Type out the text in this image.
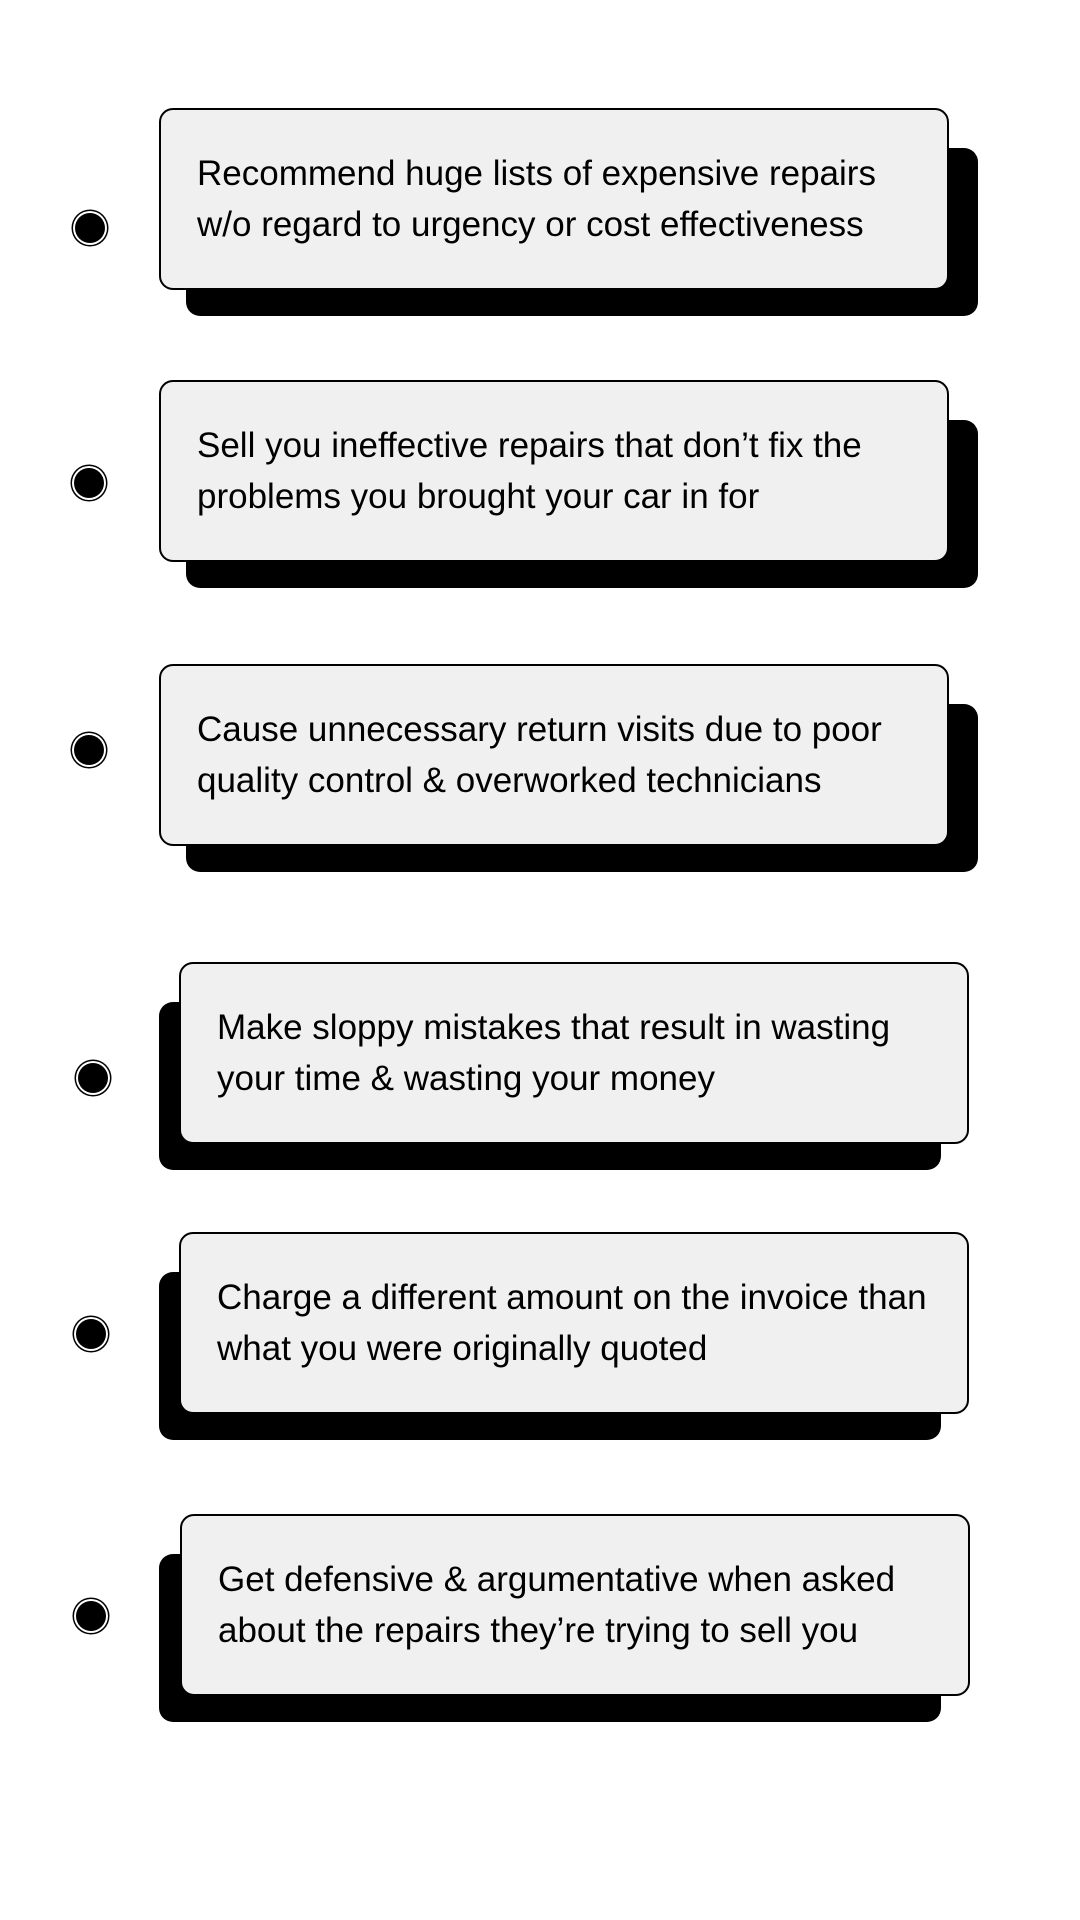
Recommend huge lists of expensive repairs w/o regard to urgency or cost effectiveness
Sell you ineffective repairs that don’t fix the problems you brought your car in for
Cause unnecessary return visits due to poor quality control & overworked technicians
Make sloppy mistakes that result in wasting your time & wasting your money
Charge a different amount on the invoice than what you were originally quoted
Get defensive & argumentative when asked about the repairs they’re trying to sell you
